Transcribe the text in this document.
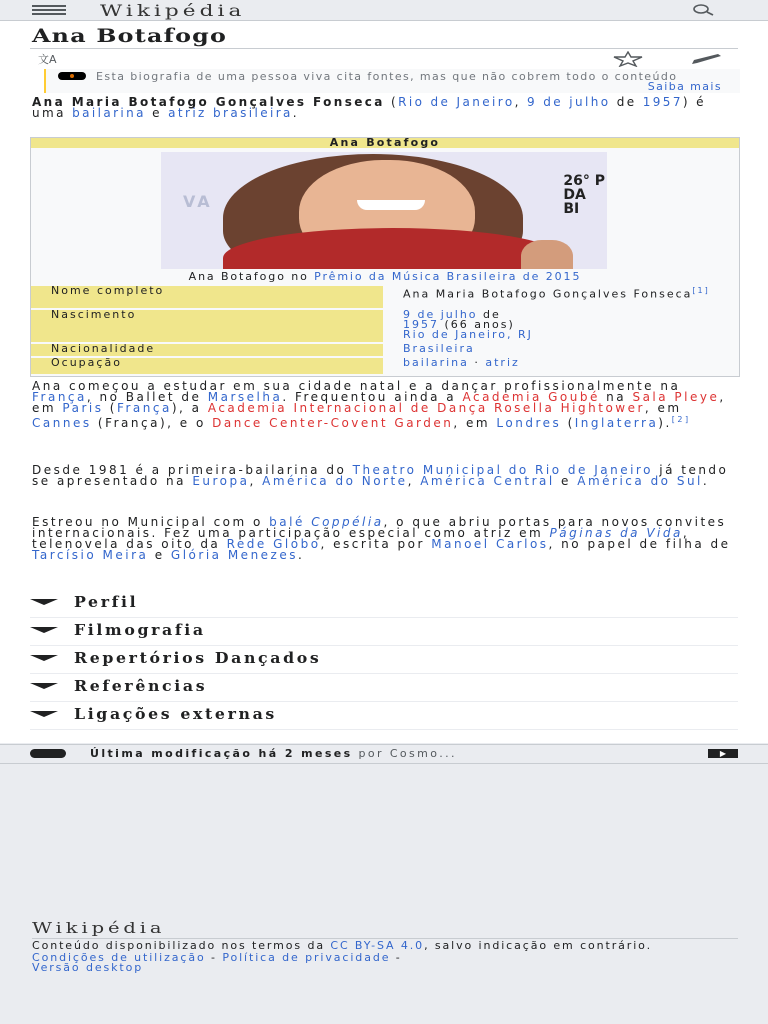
Wikipédia
Ana Botafogo
文A
Esta biografia de uma pessoa viva cita fontes, mas que não cobrem todo o conteúdo
Saiba mais
Ana Maria Botafogo Gonçalves Fonseca (Rio de Janeiro, 9 de julho de 1957) é uma bailarina e atriz brasileira.
Ana Botafogo
VA
26° P
DA
BI
Ana Botafogo no Prêmio da Música Brasileira de 2015
Nome completo	Ana Maria Botafogo Gonçalves Fonseca[1]
Nascimento	9 de julho de
1957 (66 anos)
Rio de Janeiro, RJ
Nacionalidade	Brasileira
Ocupação	bailarina · atriz
Ana começou a estudar em sua cidade natal e a dançar profissionalmente na França, no Ballet de Marselha. Frequentou ainda a Academia Goubé na Sala Pleye, em Paris (França), a Academia Internacional de Dança Rosella Hightower, em Cannes (França), e o Dance Center-Covent Garden, em Londres (Inglaterra).[2]
Desde 1981 é a primeira-bailarina do Theatro Municipal do Rio de Janeiro já tendo se apresentado na Europa, América do Norte, América Central e América do Sul.
Estreou no Municipal com o balé Coppélia, o que abriu portas para novos convites internacionais. Fez uma participação especial como atriz em Páginas da Vida, telenovela das oito da Rede Globo, escrita por Manoel Carlos, no papel de filha de Tarcísio Meira e Glória Menezes.
Perfil
Filmografia
Repertórios Dançados
Referências
Ligações externas
Última modificação há 2 meses por Cosmo...	▶
Wikipédia
Conteúdo disponibilizado nos termos da CC BY-SA 4.0, salvo indicação em contrário.
Condições de utilização - Política de privacidade -
Versão desktop
